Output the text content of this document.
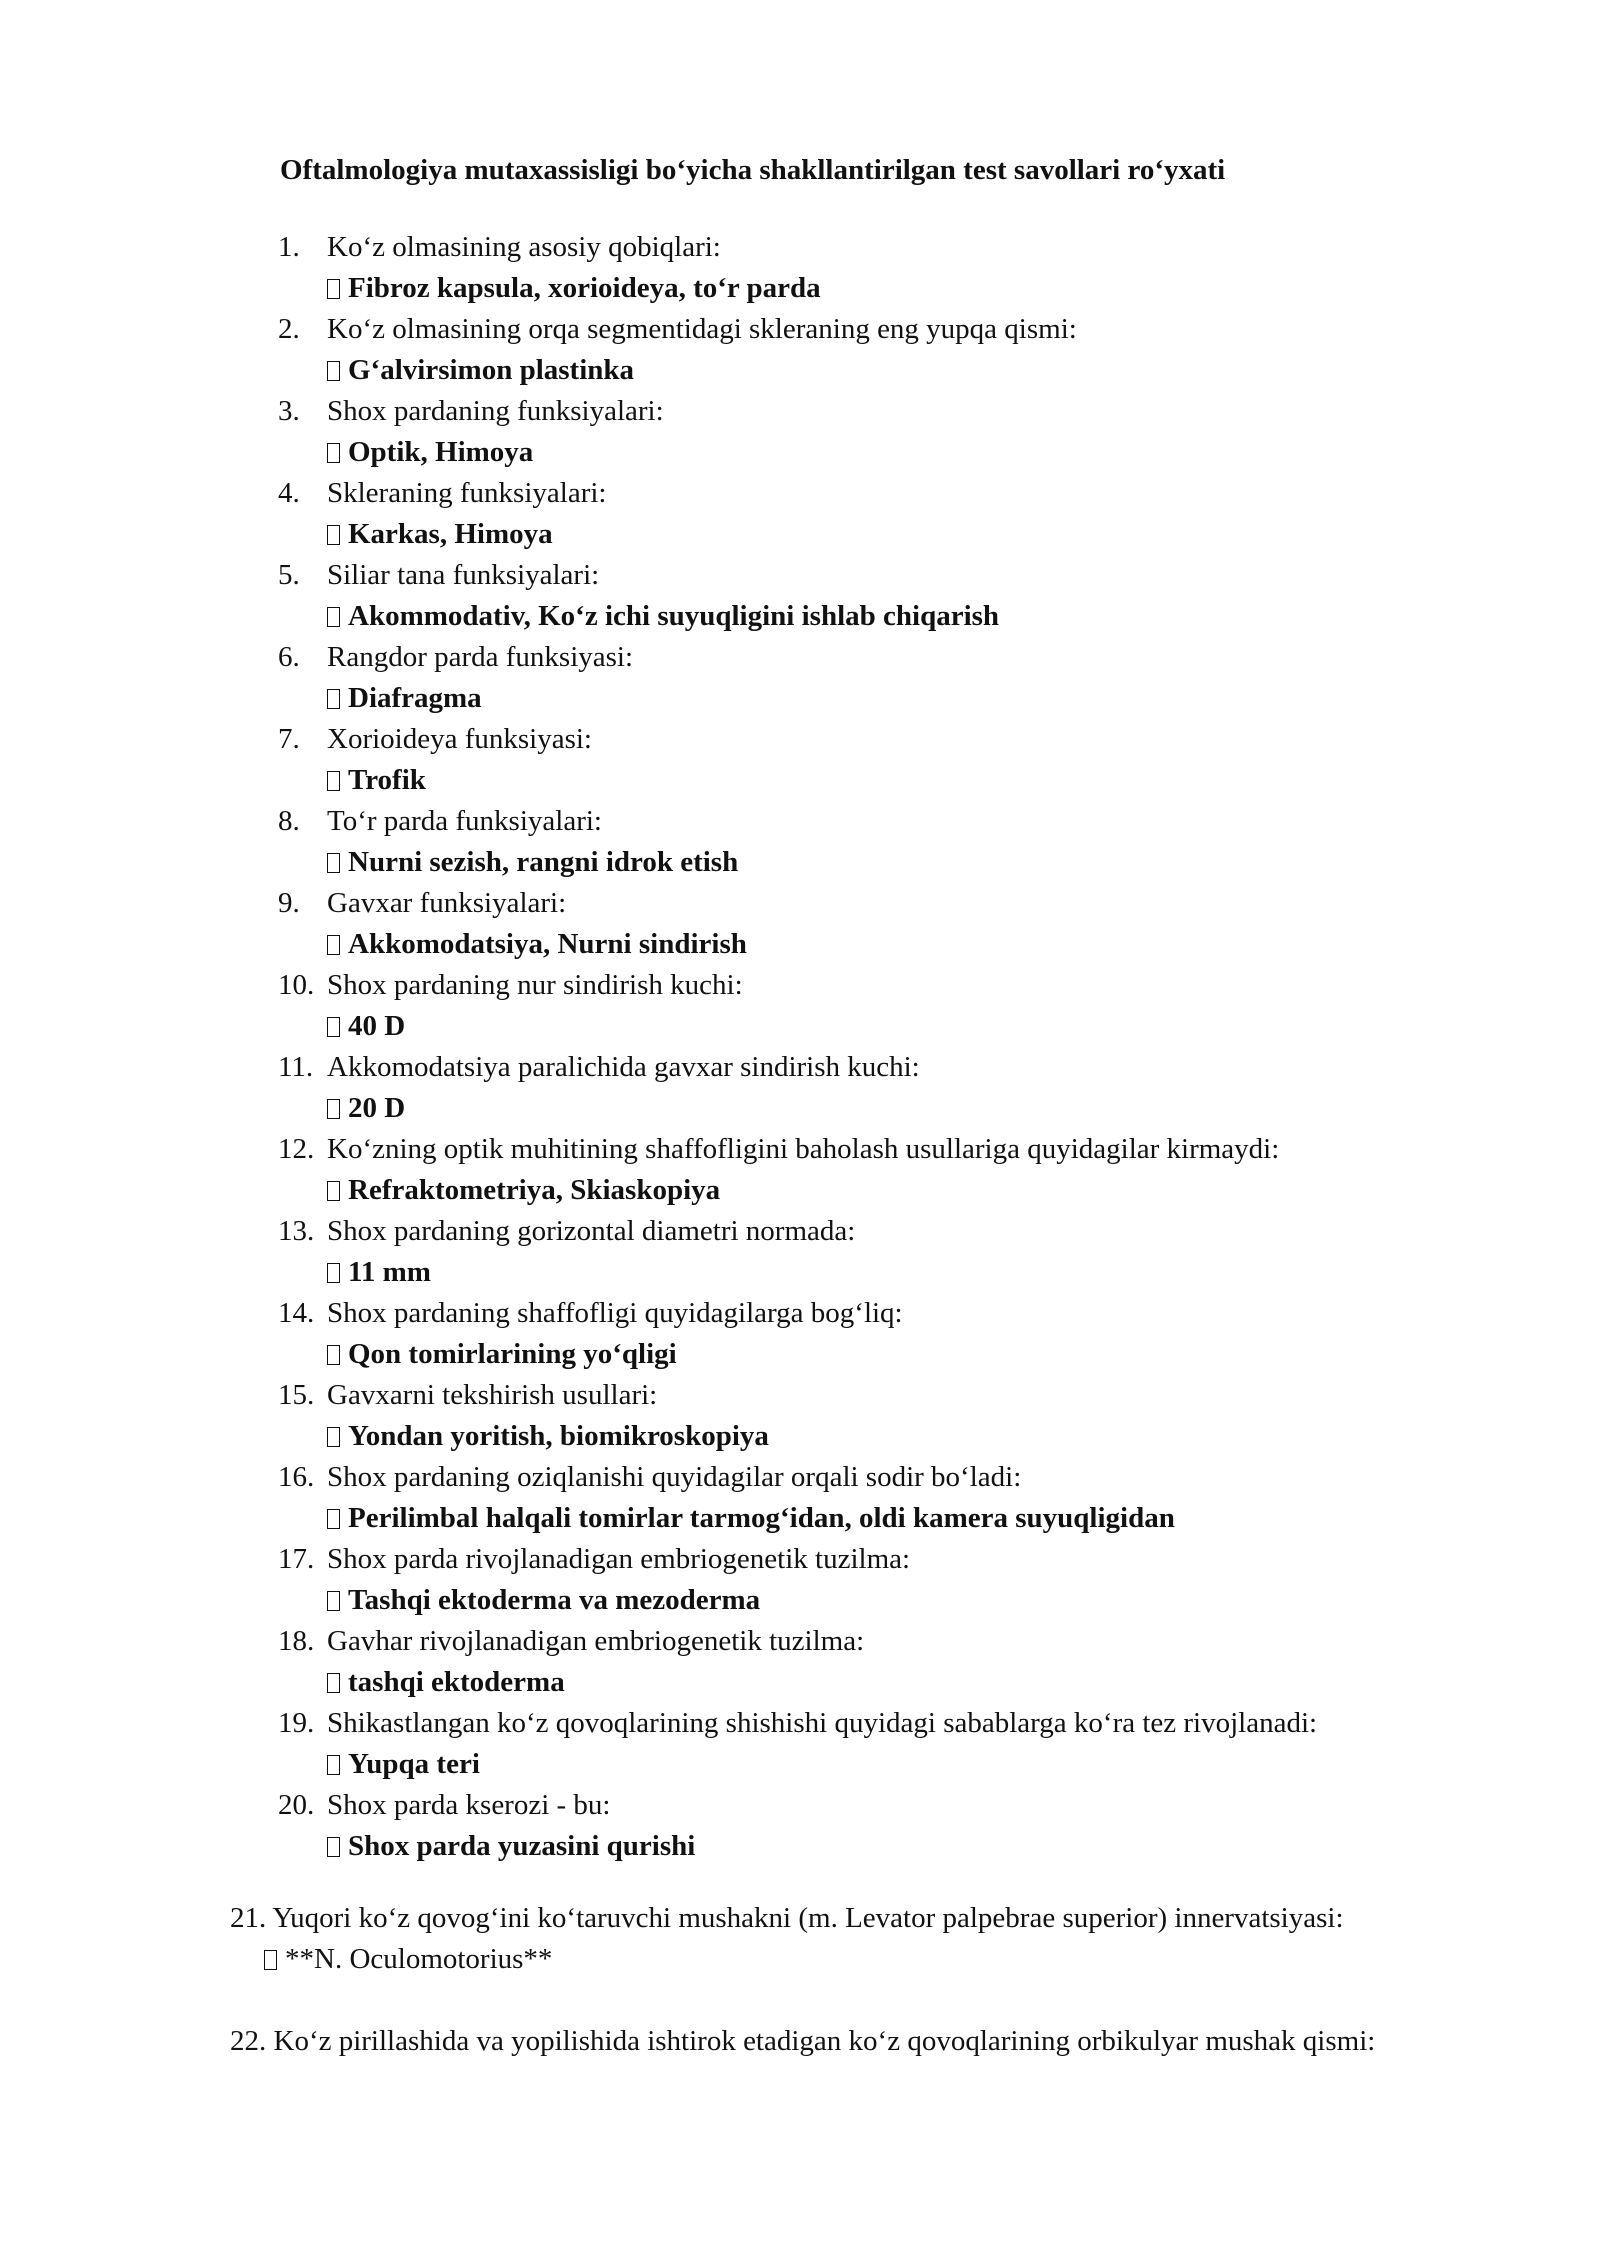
Oftalmologiya mutaxassisligi bo‘yicha shakllantirilgan test savollari ro‘yxati
1. Ko‘z olmasining asosiy qobiqlari:
Fibroz kapsula, xorioideya, to‘r parda
2. Ko‘z olmasining orqa segmentidagi skleraning eng yupqa qismi:
G‘alvirsimon plastinka
3. Shox pardaning funksiyalari:
Optik, Himoya
4. Skleraning funksiyalari:
Karkas, Himoya
5. Siliar tana funksiyalari:
Akommodativ, Ko‘z ichi suyuqligini ishlab chiqarish
6. Rangdor parda funksiyasi:
Diafragma
7. Xorioideya funksiyasi:
Trofik
8. To‘r parda funksiyalari:
Nurni sezish, rangni idrok etish
9. Gavxar funksiyalari:
Akkomodatsiya, Nurni sindirish
10. Shox pardaning nur sindirish kuchi:
40 D
11. Akkomodatsiya paralichida gavxar sindirish kuchi:
20 D
12. Ko‘zning optik muhitining shaffofligini baholash usullariga quyidagilar kirmaydi:
Refraktometriya, Skiaskopiya
13. Shox pardaning gorizontal diametri normada:
11 mm
14. Shox pardaning shaffofligi quyidagilarga bog‘liq:
Qon tomirlarining yo‘qligi
15. Gavxarni tekshirish usullari:
Yondan yoritish, biomikroskopiya
16. Shox pardaning oziqlanishi quyidagilar orqali sodir bo‘ladi:
Perilimbal halqali tomirlar tarmog‘idan, oldi kamera suyuqligidan
17. Shox parda rivojlanadigan embriogenetik tuzilma:
Tashqi ektoderma va mezoderma
18. Gavhar rivojlanadigan embriogenetik tuzilma:
tashqi ektoderma
19. Shikastlangan ko‘z qovoqlarining shishishi quyidagi sabablarga ko‘ra tez rivojlanadi:
Yupqa teri
20. Shox parda kserozi - bu:
Shox parda yuzasini qurishi
21. Yuqori ko‘z qovog‘ini ko‘taruvchi mushakni (m. Levator palpebrae superior) innervatsiyasi:
**N. Oculomotorius**
22. Ko‘z pirillashida va yopilishida ishtirok etadigan ko‘z qovoqlarining orbikulyar mushak qismi:
